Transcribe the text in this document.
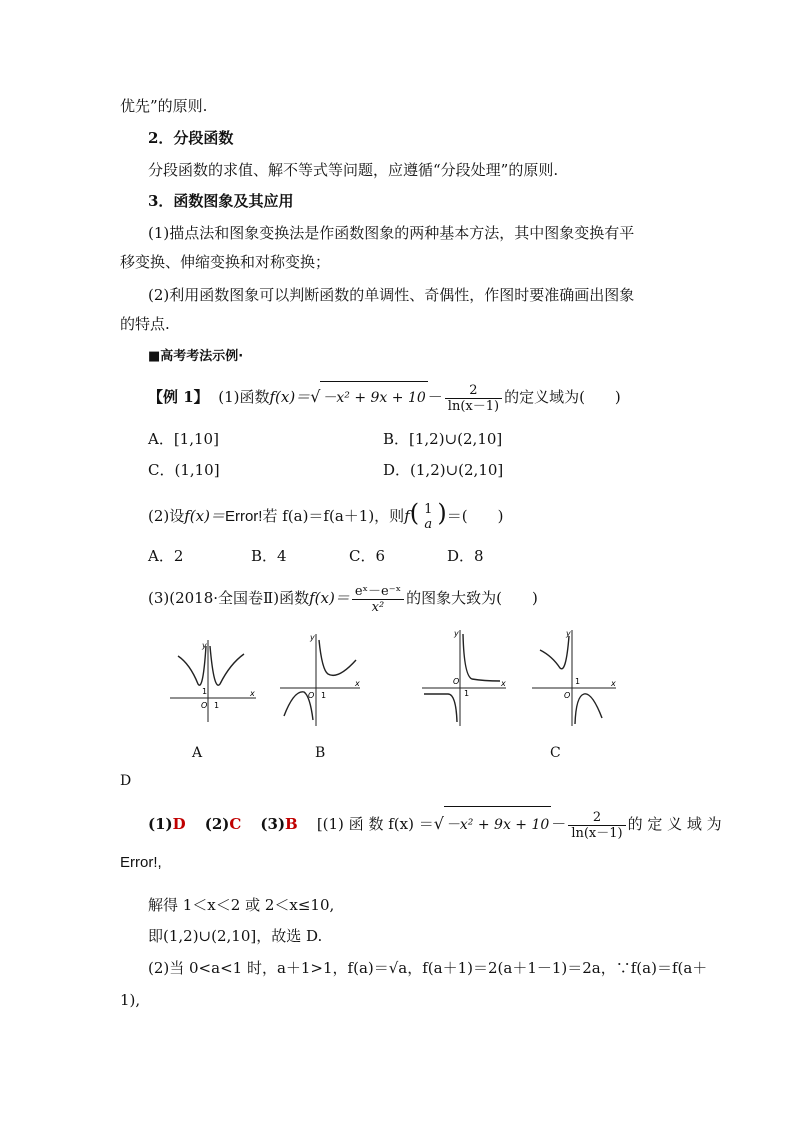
优先”的原则.
2．分段函数
分段函数的求值、解不等式等问题，应遵循“分段处理”的原则.
3．函数图象及其应用
(1)描点法和图象变换法是作函数图象的两种基本方法，其中图象变换有平
移变换、伸缩变换和对称变换；
(2)利用函数图象可以判断函数的单调性、奇偶性，作图时要准确画出图象
的特点.
■高考考法示例·
【例 1】 (1)函数$f(x)=√ -x^2 + 9x + 10 - \frac{2}{\ln(x-1)}$ 的定义域为(　　)
A．[1,10]	B．[1,2)∪(2,10]
C．(1,10]	D．(1,2)∪(2,10]
(2)设f(x)＝Error!若 f(a)＝f(a＋1)，则f( 1
a )＝(　　)
A．2	B．4	C．6	D．8
(3)(2018·全国卷Ⅱ)函数$f(x)= \frac{\text{eˣ－e⁻ˣ}}{\text{x²}}$ 的图象大致为(　　)
y
x
O 1
1
y
x
O 1
y
x
O
1
y
x
O
1
A	B	C
D
(1)D (2)C (3)B [(1) 函 数 f(x) ＝√ $-x^2 + 9x + 10 - \frac{2}{\ln(x-1)}$ 的 定 义 域 为
Error!,
解得 1＜x＜2 或 2＜x≤10,
即(1,2)∪(2,10]，故选 D.
(2)当 0<a<1 时，a＋1>1，f(a)＝√a，f(a＋1)＝2(a＋1－1)＝2a，∵f(a)＝f(a＋
1),
